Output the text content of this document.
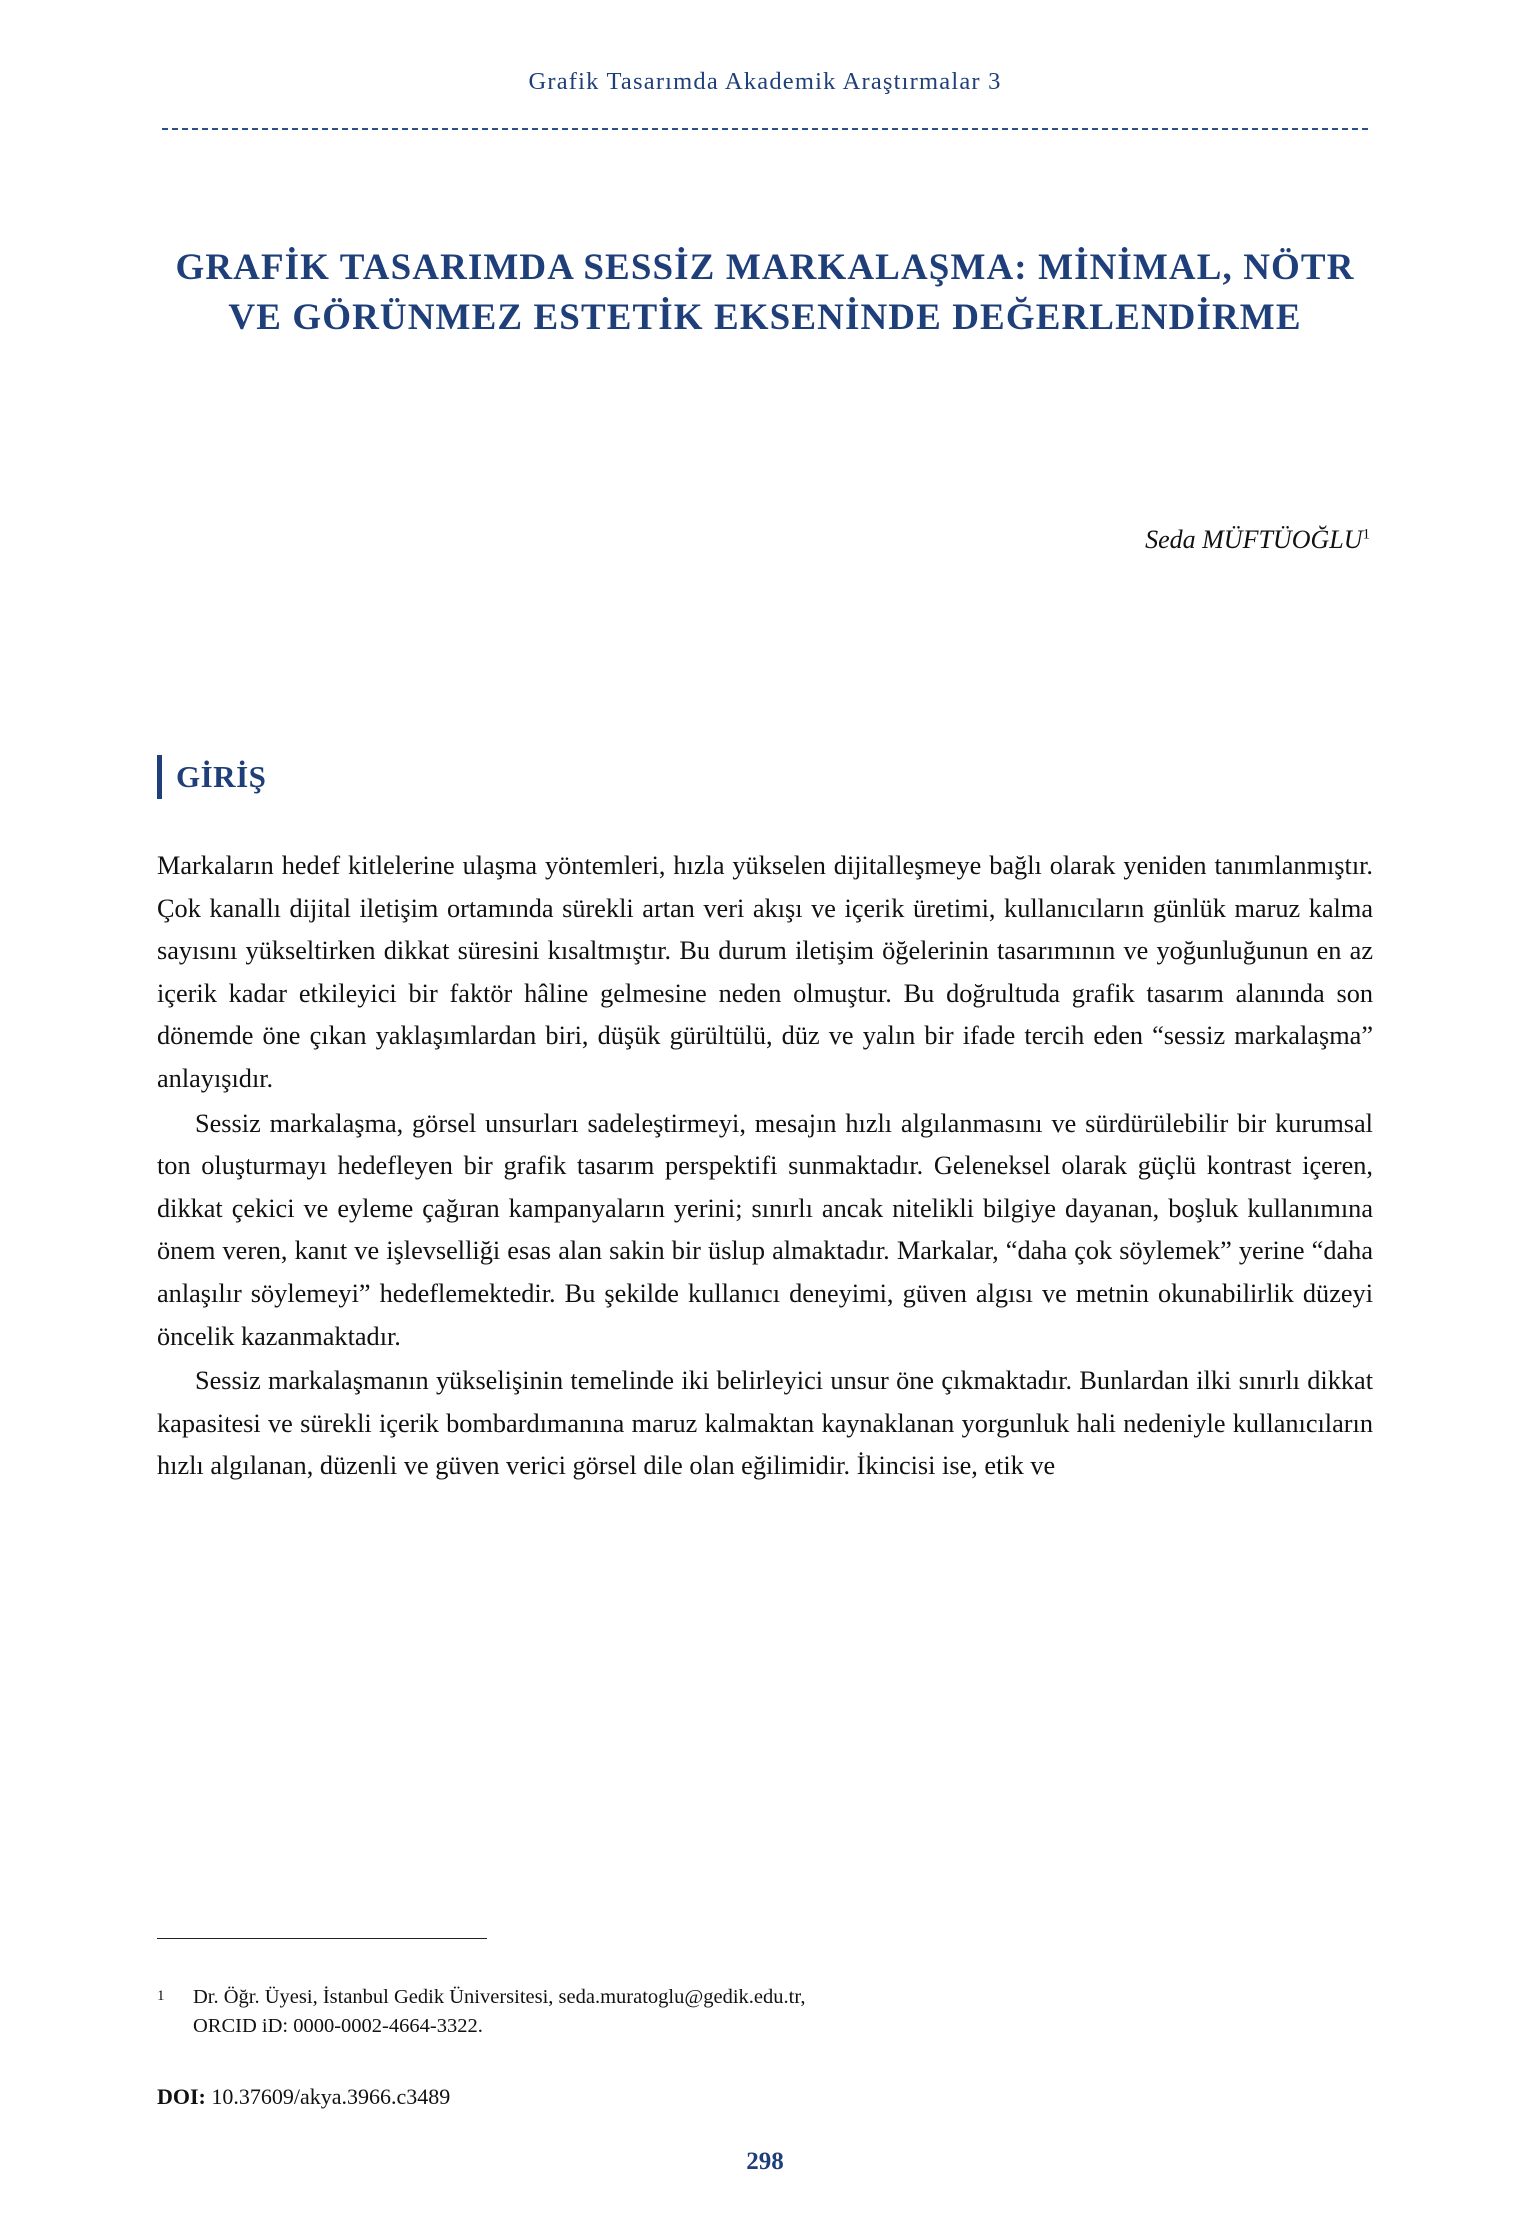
Grafik Tasarımda Akademik Araştırmalar 3
GRAFİK TASARIMDA SESSİZ MARKALAŞMA: MİNİMAL, NÖTR VE GÖRÜNMEZ ESTETİK EKSENİNDE DEĞERLENDİRME
Seda MÜFTÜOĞLU$^1$
GİRİŞ

Markaların hedef kitlelerine ulaşma yöntemleri, hızla yükselen dijitalleşmeye bağlı olarak yeniden tanımlanmıştır. Çok kanallı dijital iletişim ortamında sürekli artan veri akışı ve içerik üretimi, kullanıcıların günlük maruz kalma sayısını yükseltirken dikkat süresini kısaltmıştır. Bu durum iletişim öğelerinin tasarımının ve yoğunluğunun en az içerik kadar etkileyici bir faktör hâline gelmesine neden olmuştur. Bu doğrultuda grafik tasarım alanında son dönemde öne çıkan yaklaşımlardan biri, düşük gürültülü, düz ve yalın bir ifade tercih eden “sessiz markalaşma” anlayışıdır.

Sessiz markalaşma, görsel unsurları sadeleştirmeyi, mesajın hızlı algılanmasını ve sürdürülebilir bir kurumsal ton oluşturmayı hedefleyen bir grafik tasarım perspektifi sunmaktadır. Geleneksel olarak güçlü kontrast içeren, dikkat çekici ve eyleme çağıran kampanyaların yerini; sınırlı ancak nitelikli bilgiye dayanan, boşluk kullanımına önem veren, kanıt ve işlevselliği esas alan sakin bir üslup almaktadır. Markalar, “daha çok söylemek” yerine “daha anlaşılır söylemeyi” hedeflemektedir. Bu şekilde kullanıcı deneyimi, güven algısı ve metnin okunabilirlik düzeyi öncelik kazanmaktadır.

Sessiz markalaşmanın yükselişinin temelinde iki belirleyici unsur öne çıkmaktadır. Bunlardan ilki sınırlı dikkat kapasitesi ve sürekli içerik bombardımanına maruz kalmaktan kaynaklanan yorgunluk hali nedeniyle kullanıcıların hızlı algılanan, düzenli ve güven verici görsel dile olan eğilimidir. İkincisi ise, etik ve

1	Dr. Öğr. Üyesi, İstanbul Gedik Üniversitesi, seda.muratoglu@gedik.edu.tr,
ORCID iD: 0000-0002-4664-3322.
DOI: 10.37609/akya.3966.c3489
298
